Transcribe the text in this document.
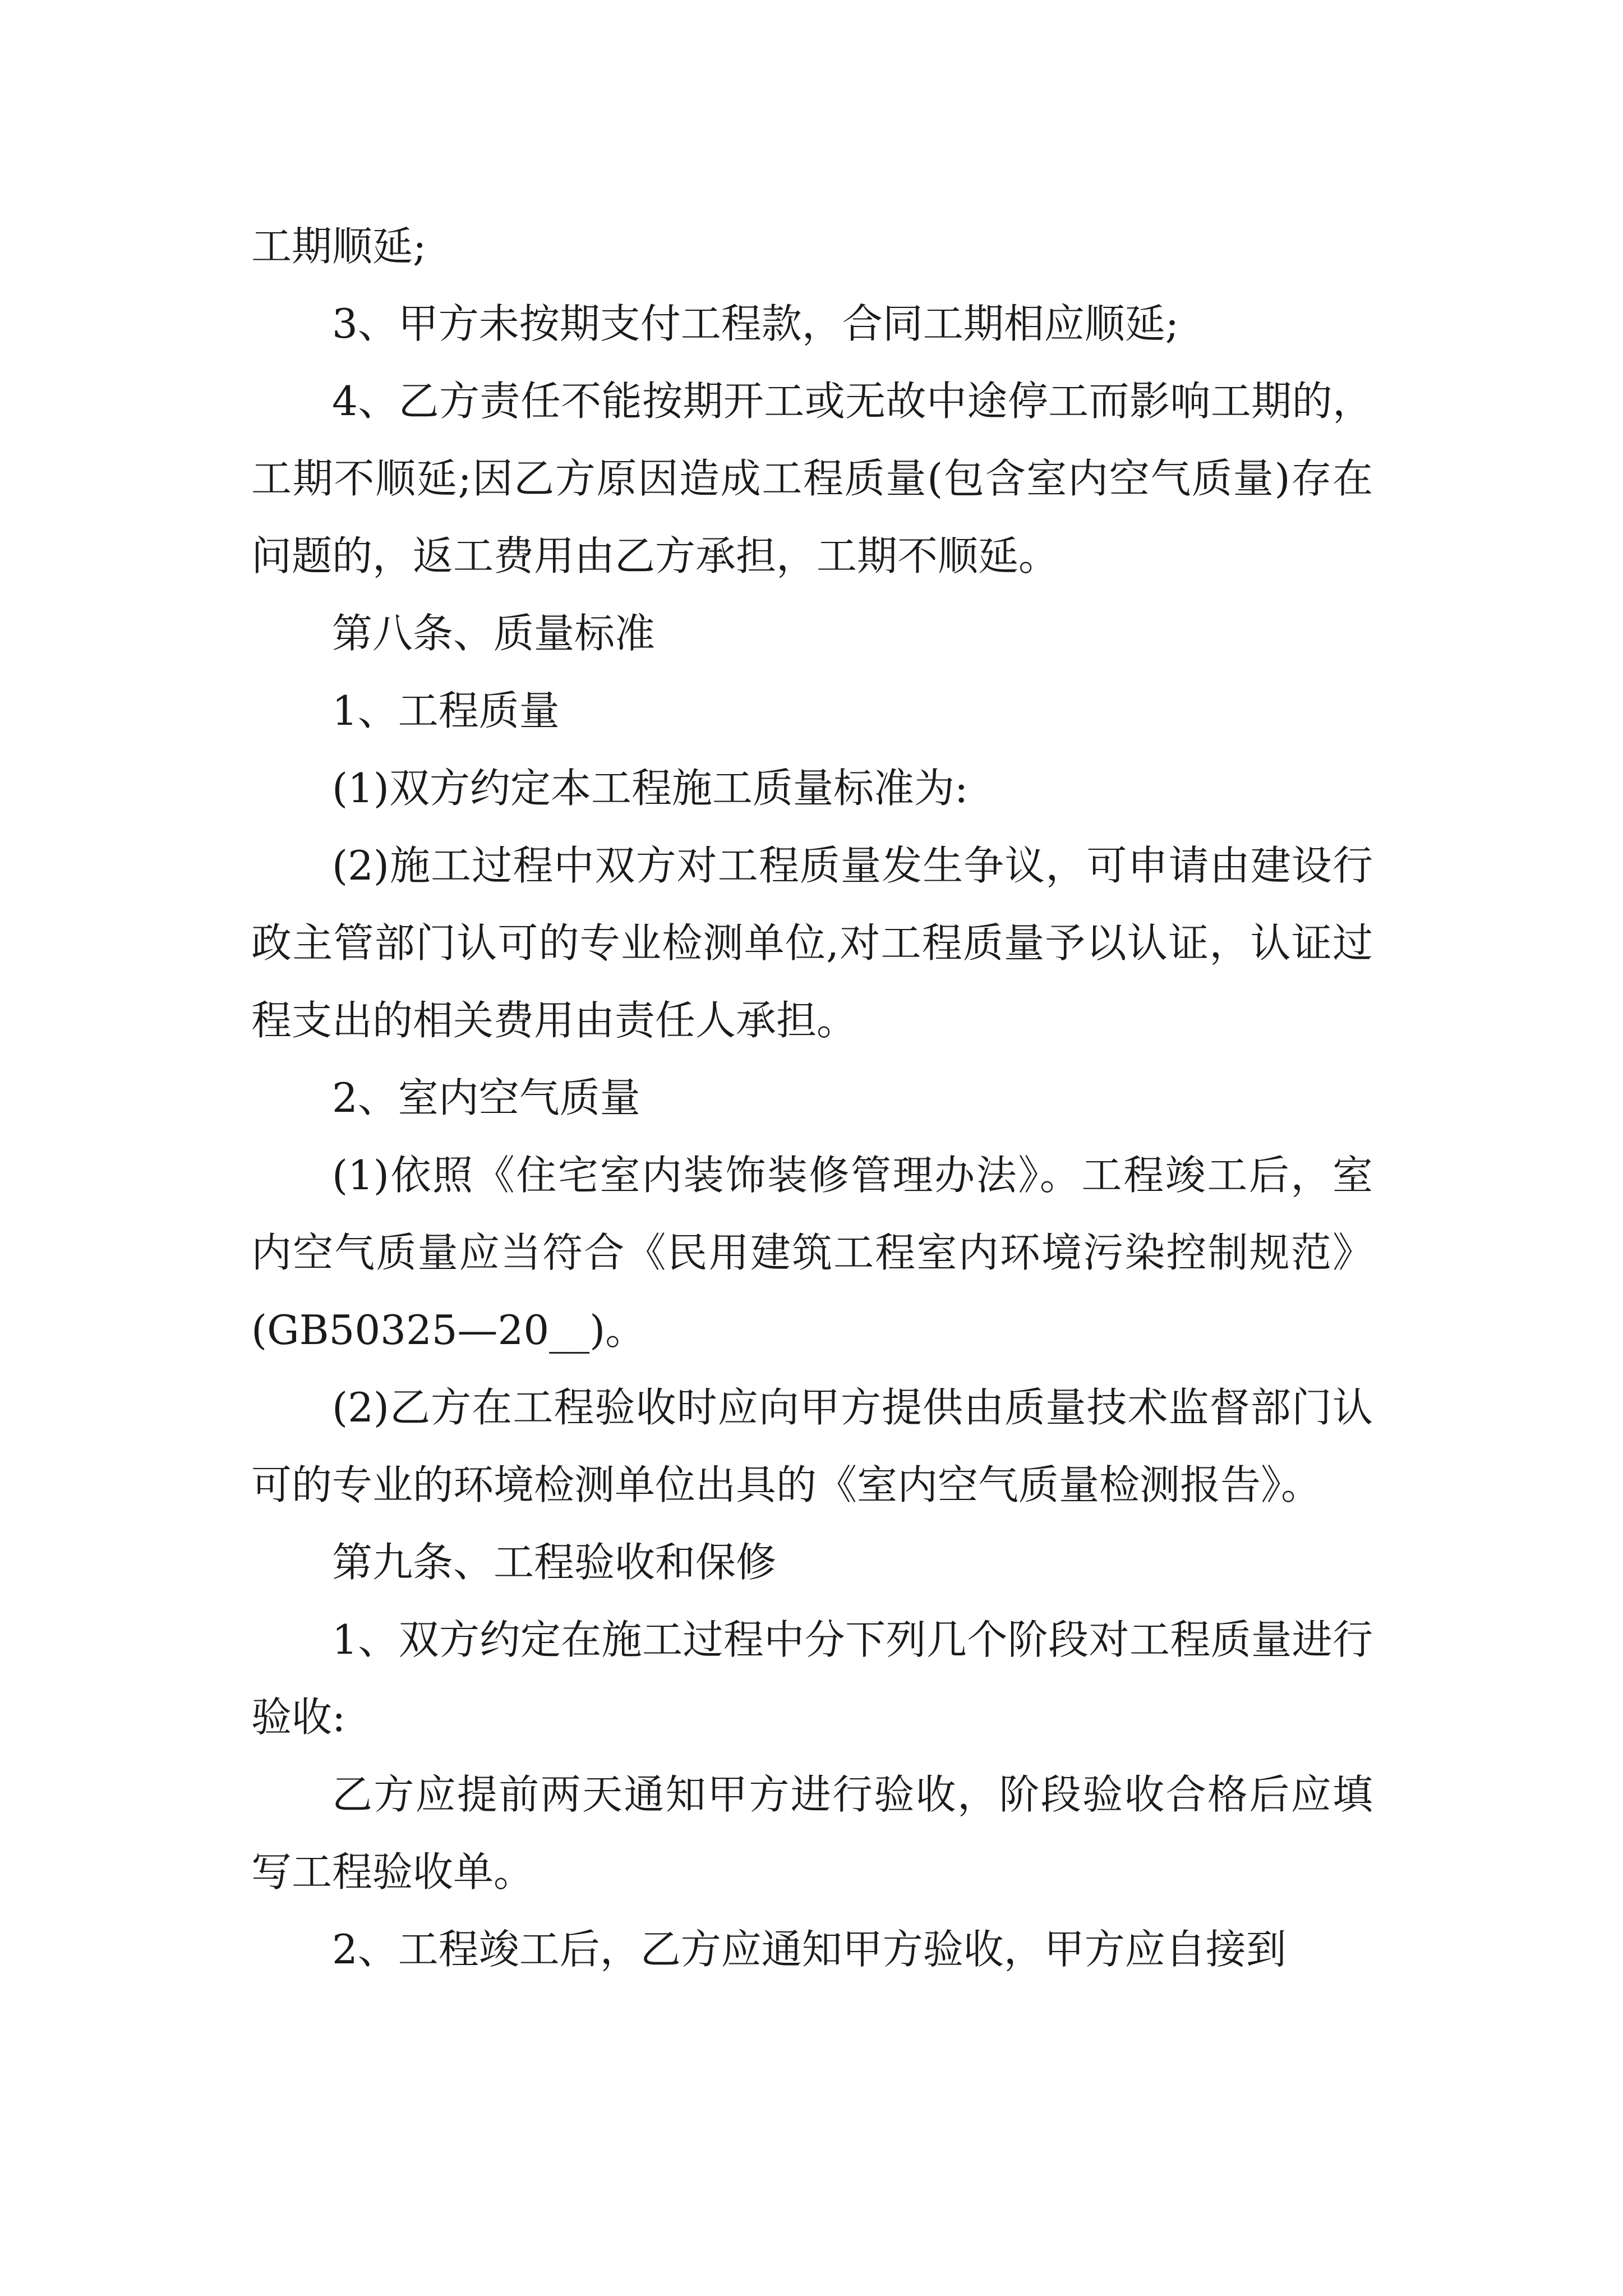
工期顺延;

3、甲方未按期支付工程款，合同工期相应顺延;

4、乙方责任不能按期开工或无故中途停工而影响工期的，工期不顺延;因乙方原因造成工程质量(包含室内空气质量)存在问题的，返工费用由乙方承担，工期不顺延。

第八条、质量标准

1、工程质量

(1)双方约定本工程施工质量标准为:

(2)施工过程中双方对工程质量发生争议，可申请由建设行政主管部门认可的专业检测单位,对工程质量予以认证，认证过程支出的相关费用由责任人承担。

2、室内空气质量

(1)依照《住宅室内装饰装修管理办法》。工程竣工后，室内空气质量应当符合《民用建筑工程室内环境污染控制规范》(GB50325—20__)。

(2)乙方在工程验收时应向甲方提供由质量技术监督部门认可的专业的环境检测单位出具的《室内空气质量检测报告》。

第九条、工程验收和保修

1、双方约定在施工过程中分下列几个阶段对工程质量进行验收:

乙方应提前两天通知甲方进行验收，阶段验收合格后应填写工程验收单。

2、工程竣工后，乙方应通知甲方验收，甲方应自接到
